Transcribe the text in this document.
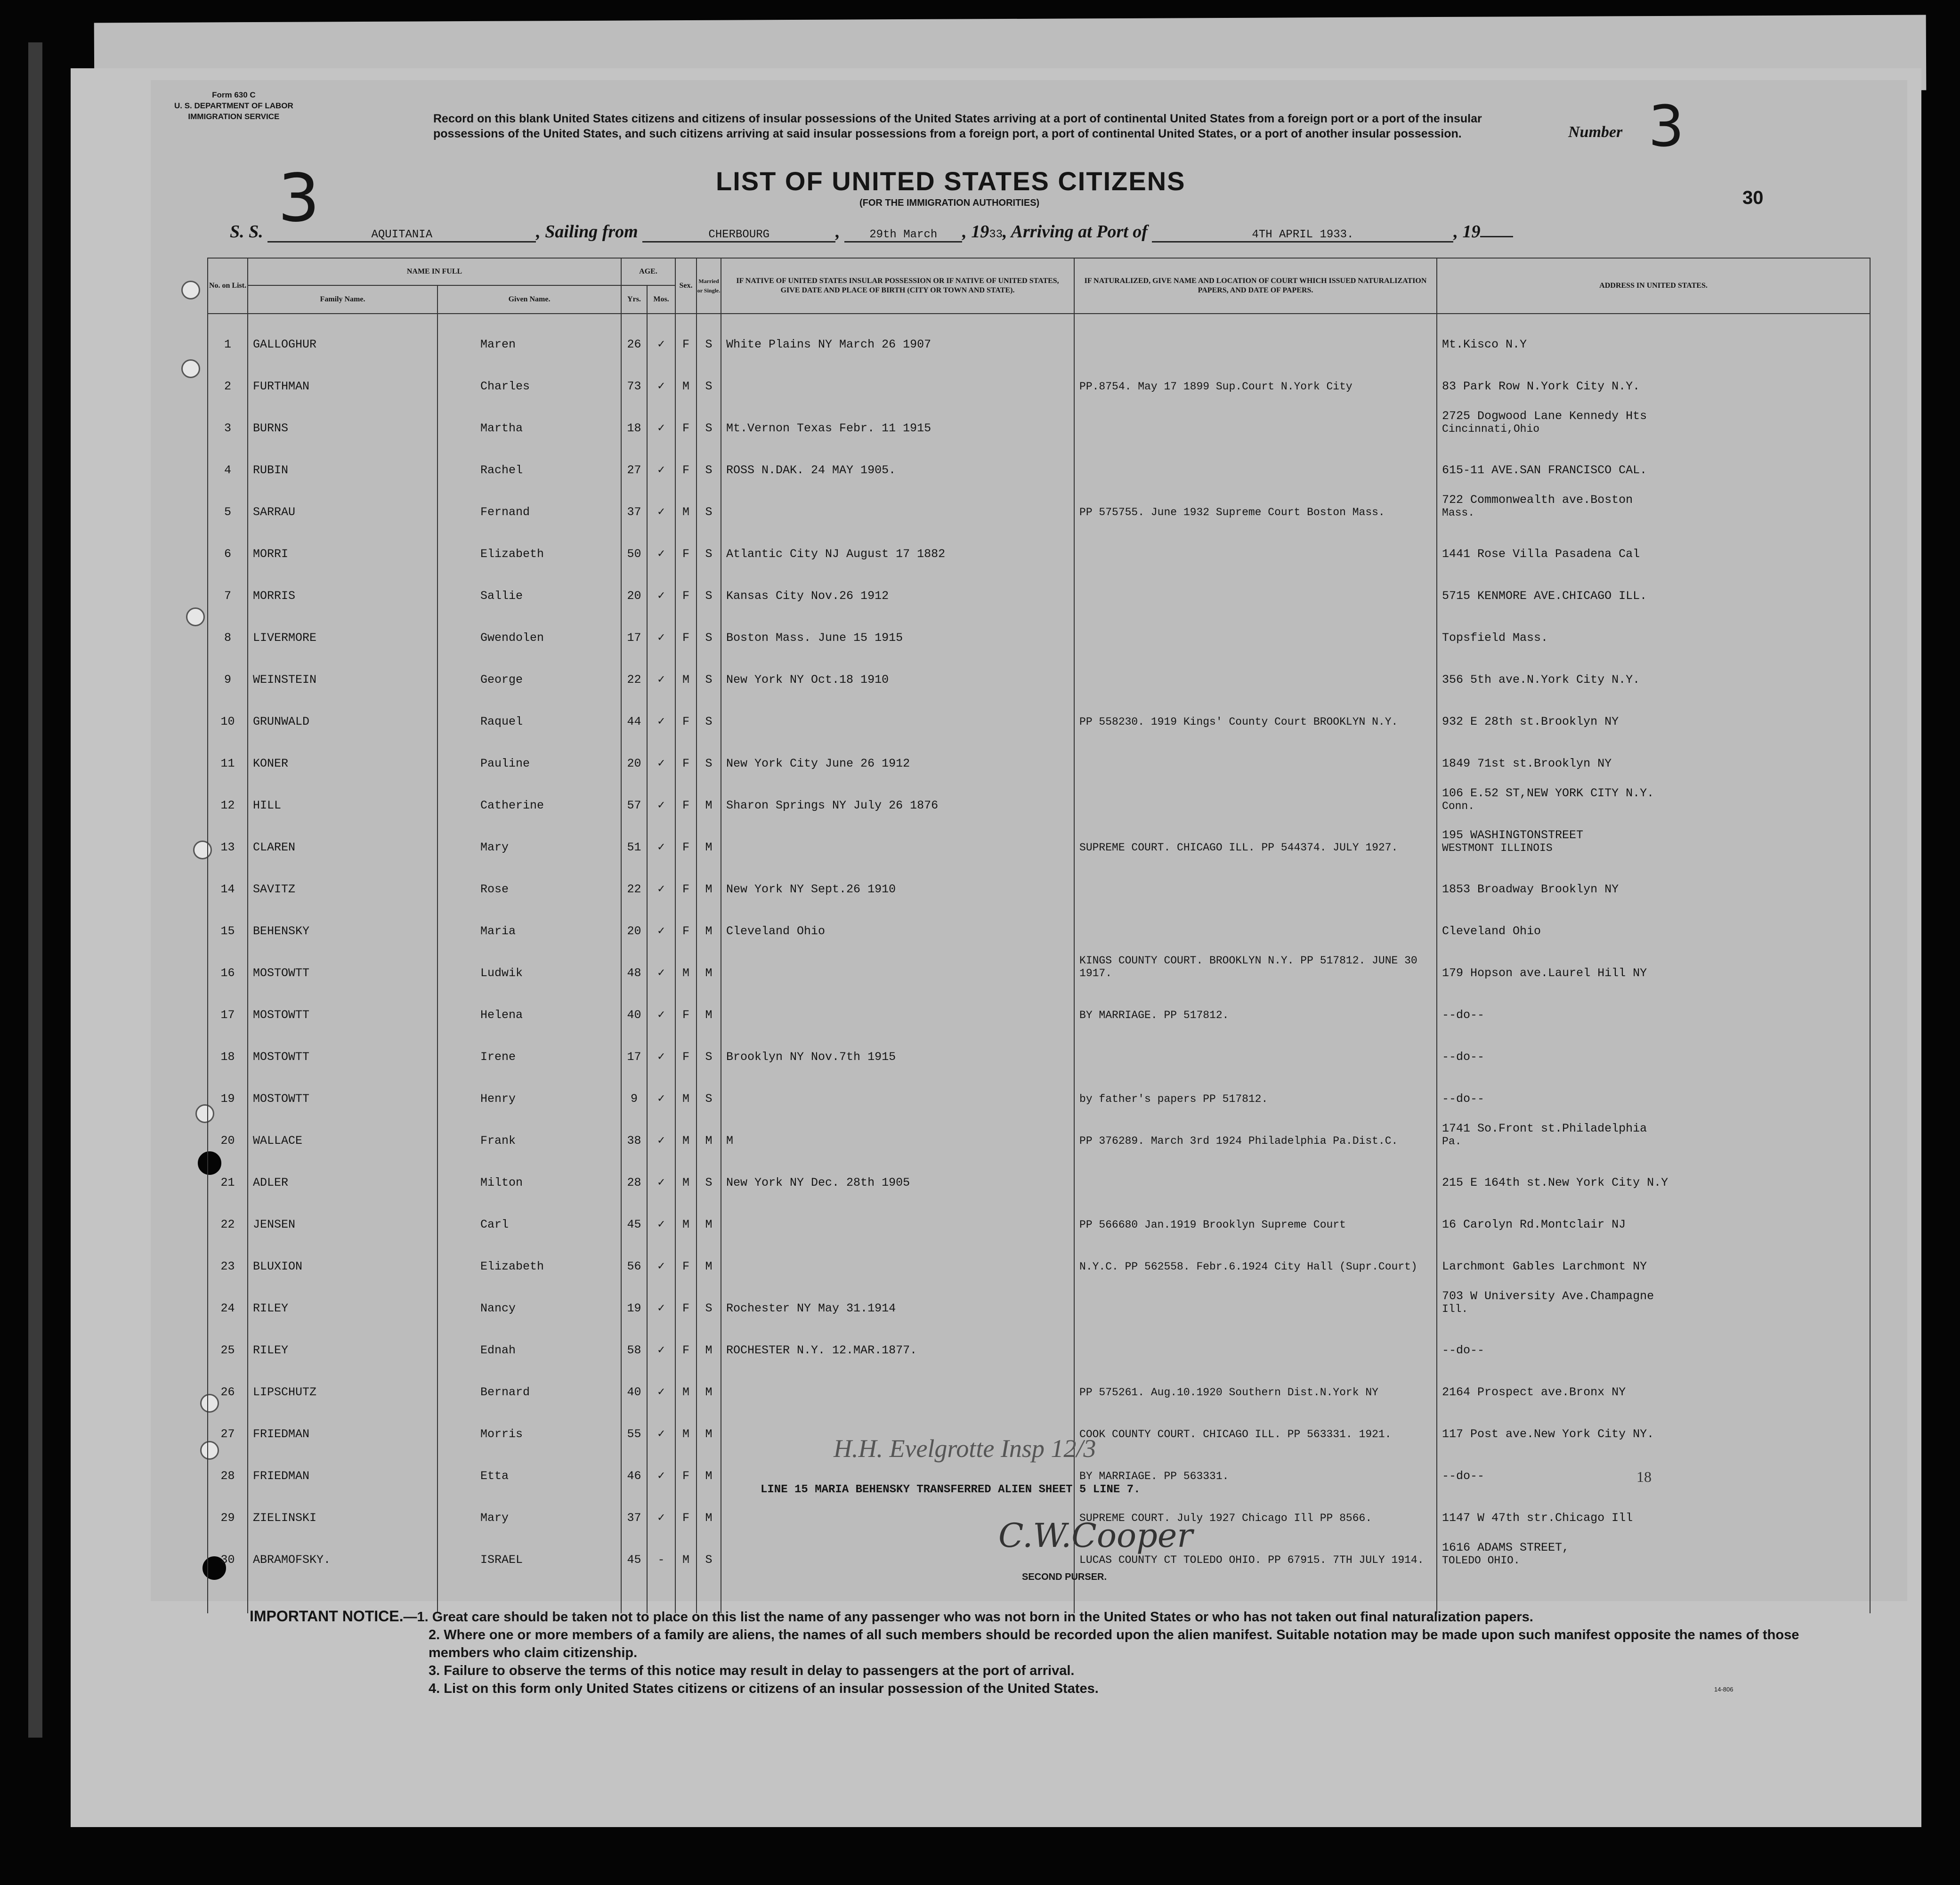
Form 630 C
U. S. DEPARTMENT OF LABOR
IMMIGRATION SERVICE	Record on this blank United States citizens and citizens of insular possessions of the United States arriving at a port of continental United States from a foreign port or a port of the insular possessions of the United States, and such citizens arriving at said insular possessions from a foreign port, a port of continental United States, or a port of another insular possession.	Number 3
3	LIST OF UNITED STATES CITIZENS
(FOR THE IMMIGRATION AUTHORITIES)	30
S. S.	AQUITANIA	, Sailing from	CHERBOURG	,	29th March , 1933, Arriving at Port of	4TH APRIL 1933.	, 19
No. on List.	NAME IN FULL		AGE.		Sex.	Married or Single.	IF NATIVE OF UNITED STATES INSULAR POSSESSION OR IF NATIVE OF UNITED STATES, GIVE DATE AND PLACE OF BIRTH (CITY OR TOWN AND STATE).	IF NATURALIZED, GIVE NAME AND LOCATION OF COURT WHICH ISSUED NATURALIZATION PAPERS, AND DATE OF PAPERS.	ADDRESS IN UNITED STATES.
	Family Name.	Given Name.	Yrs.	Mos.					
1	GALLOGHUR	Maren	26	✓	F	S	White Plains NY March 26 1907		Mt.Kisco N.Y

2	FURTHMAN	Charles	73	✓	M	S		PP.8754. May 17 1899 Sup.Court N.York City	83 Park Row N.York City N.Y.

3	BURNS	Martha	18	✓	F	S	Mt.Vernon Texas Febr. 11 1915		2725 Dogwood Lane Kennedy Hts
Cincinnati,Ohio

4	RUBIN	Rachel	27	✓	F	S	ROSS N.DAK. 24 MAY 1905.		615-11 AVE.SAN FRANCISCO CAL.

5	SARRAU	Fernand	37	✓	M	S		PP 575755. June 1932 Supreme Court Boston Mass.	722 Commonwealth ave.Boston
Mass.

6	MORRI	Elizabeth	50	✓	F	S	Atlantic City NJ August 17 1882		1441 Rose Villa Pasadena Cal

7	MORRIS	Sallie	20	✓	F	S	Kansas City Nov.26 1912		5715 KENMORE AVE.CHICAGO ILL.

8	LIVERMORE	Gwendolen	17	✓	F	S	Boston Mass. June 15 1915		Topsfield Mass.

9	WEINSTEIN	George	22	✓	M	S	New York NY Oct.18 1910		356 5th ave.N.York City N.Y.

10	GRUNWALD	Raquel	44	✓	F	S		PP 558230. 1919 Kings' County Court BROOKLYN N.Y.	932 E 28th st.Brooklyn NY

11	KONER	Pauline	20	✓	F	S	New York City June 26 1912		1849 71st st.Brooklyn NY

12	HILL	Catherine	57	✓	F	M	Sharon Springs NY July 26 1876		106 E.52 ST,NEW YORK CITY N.Y.
Conn.

13	CLAREN	Mary	51	✓	F	M		SUPREME COURT. CHICAGO ILL. PP 544374. JULY 1927.	195 WASHINGTONSTREET
WESTMONT ILLINOIS

14	SAVITZ	Rose	22	✓	F	M	New York NY Sept.26 1910		1853 Broadway Brooklyn NY

15	BEHENSKY	Maria	20	✓	F	M	Cleveland Ohio		Cleveland Ohio

16	MOSTOWTT	Ludwik	48	✓	M	M		KINGS COUNTY COURT. BROOKLYN N.Y. PP 517812. JUNE 30 1917.	179 Hopson ave.Laurel Hill NY

17	MOSTOWTT	Helena	40	✓	F	M		BY MARRIAGE. PP 517812.	--do--

18	MOSTOWTT	Irene	17	✓	F	S	Brooklyn NY Nov.7th 1915		--do--

19	MOSTOWTT	Henry	9	✓	M	S		by father's papers PP 517812.	--do--

20	WALLACE	Frank	38	✓	M	M	M	PP 376289. March 3rd 1924 Philadelphia Pa.Dist.C.	1741 So.Front st.Philadelphia
Pa.

21	ADLER	Milton	28	✓	M	S	New York NY Dec. 28th 1905		215 E 164th st.New York City N.Y

22	JENSEN	Carl	45	✓	M	M		PP 566680 Jan.1919 Brooklyn Supreme Court	16 Carolyn Rd.Montclair NJ

23	BLUXION	Elizabeth	56	✓	F	M		N.Y.C. PP 562558. Febr.6.1924 City Hall (Supr.Court)	Larchmont Gables Larchmont NY

24	RILEY	Nancy	19	✓	F	S	Rochester NY May 31.1914		703 W University Ave.Champagne
Ill.

25	RILEY	Ednah	58	✓	F	M	ROCHESTER N.Y. 12.MAR.1877.		--do--

26	LIPSCHUTZ	Bernard	40	✓	M	M		PP 575261. Aug.10.1920 Southern Dist.N.York NY	2164 Prospect ave.Bronx NY

27	FRIEDMAN	Morris	55	✓	M	M		COOK COUNTY COURT. CHICAGO ILL. PP 563331. 1921.	117 Post ave.New York City NY.

28	FRIEDMAN	Etta	46	✓	F	M		BY MARRIAGE. PP 563331.	--do--

29	ZIELINSKI	Mary	37	✓	F	M		SUPREME COURT. July 1927 Chicago Ill PP 8566.	1147 W 47th str.Chicago Ill

30	ABRAMOFSKY.	ISRAEL	45	-	M	S		LUCAS COUNTY CT TOLEDO OHIO. PP 67915. 7TH JULY 1914.	1616 ADAMS STREET,
TOLEDO OHIO.

H.H. Evelgrotte Insp 12/3
LINE 15 MARIA BEHENSKY TRANSFERRED ALIEN SHEET 5 LINE 7.
18
C.W.Cooper
SECOND PURSER.

IMPORTANT NOTICE.—1. Great care should be taken not to place on this list the name of any passenger who was not born in the United States or who has not taken out final naturalization papers.

2. Where one or more members of a family are aliens, the names of all such members should be recorded upon the alien manifest. Suitable notation may be made upon such manifest opposite the names of those members who claim citizenship.

3. Failure to observe the terms of this notice may result in delay to passengers at the port of arrival.

4. List on this form only United States citizens or citizens of an insular possession of the United States.	14-806
